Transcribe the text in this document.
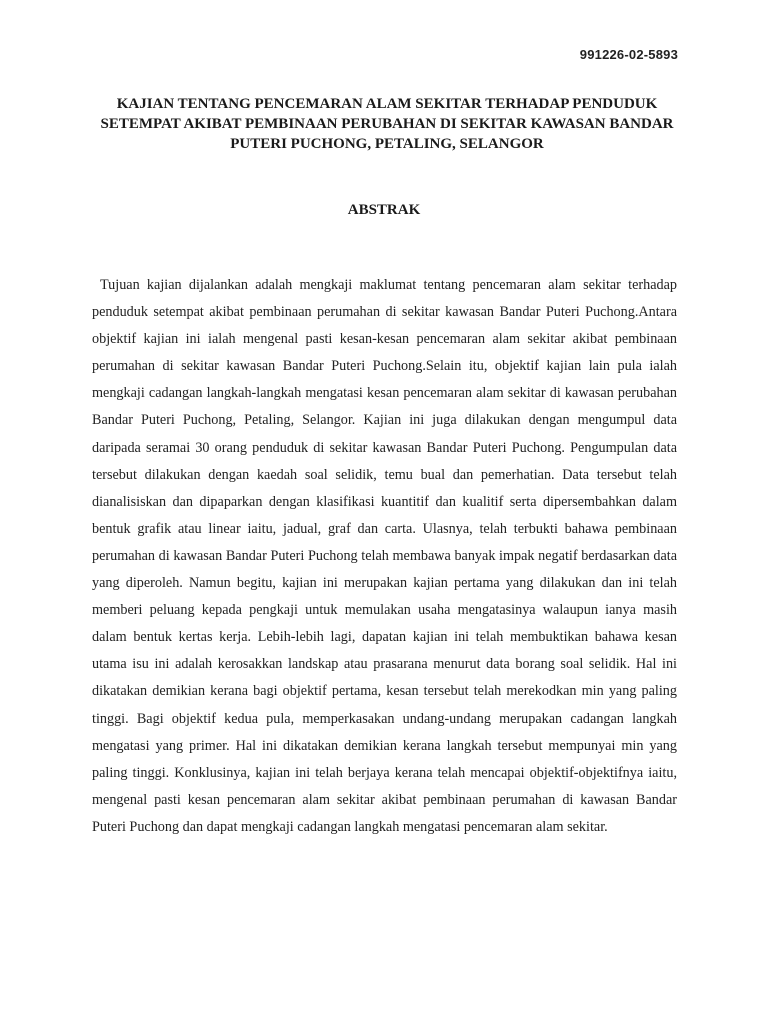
991226-02-5893
KAJIAN TENTANG PENCEMARAN ALAM SEKITAR TERHADAP PENDUDUK
SETEMPAT AKIBAT PEMBINAAN PERUBAHAN DI SEKITAR KAWASAN BANDAR
PUTERI PUCHONG, PETALING, SELANGOR
ABSTRAK

Tujuan kajian dijalankan adalah mengkaji maklumat tentang pencemaran alam sekitar terhadap penduduk setempat akibat pembinaan perumahan di sekitar kawasan Bandar Puteri Puchong.Antara objektif kajian ini ialah mengenal pasti kesan-kesan pencemaran alam sekitar akibat pembinaan perumahan di sekitar kawasan Bandar Puteri Puchong.Selain itu, objektif kajian lain pula ialah mengkaji cadangan langkah-langkah mengatasi kesan pencemaran alam sekitar di kawasan perubahan Bandar Puteri Puchong, Petaling, Selangor. Kajian ini juga dilakukan dengan mengumpul data daripada seramai 30 orang penduduk di sekitar kawasan Bandar Puteri Puchong. Pengumpulan data tersebut dilakukan dengan kaedah soal selidik, temu bual dan pemerhatian. Data tersebut telah dianalisiskan dan dipaparkan dengan klasifikasi kuantitif dan kualitif serta dipersembahkan dalam bentuk grafik atau linear iaitu, jadual, graf dan carta. Ulasnya, telah terbukti bahawa pembinaan perumahan di kawasan Bandar Puteri Puchong telah membawa banyak impak negatif berdasarkan data yang diperoleh. Namun begitu, kajian ini merupakan kajian pertama yang dilakukan dan ini telah memberi peluang kepada pengkaji untuk memulakan usaha mengatasinya walaupun ianya masih dalam bentuk kertas kerja. Lebih-lebih lagi, dapatan kajian ini telah membuktikan bahawa kesan utama isu ini adalah kerosakkan landskap atau prasarana menurut data borang soal selidik. Hal ini dikatakan demikian kerana bagi objektif pertama, kesan tersebut telah merekodkan min yang paling tinggi. Bagi objektif kedua pula, memperkasakan undang-undang merupakan cadangan langkah mengatasi yang primer. Hal ini dikatakan demikian kerana langkah tersebut mempunyai min yang paling tinggi. Konklusinya, kajian ini telah berjaya kerana telah mencapai objektif-objektifnya iaitu, mengenal pasti kesan pencemaran alam sekitar akibat pembinaan perumahan di kawasan Bandar Puteri Puchong dan dapat mengkaji cadangan langkah mengatasi pencemaran alam sekitar.
